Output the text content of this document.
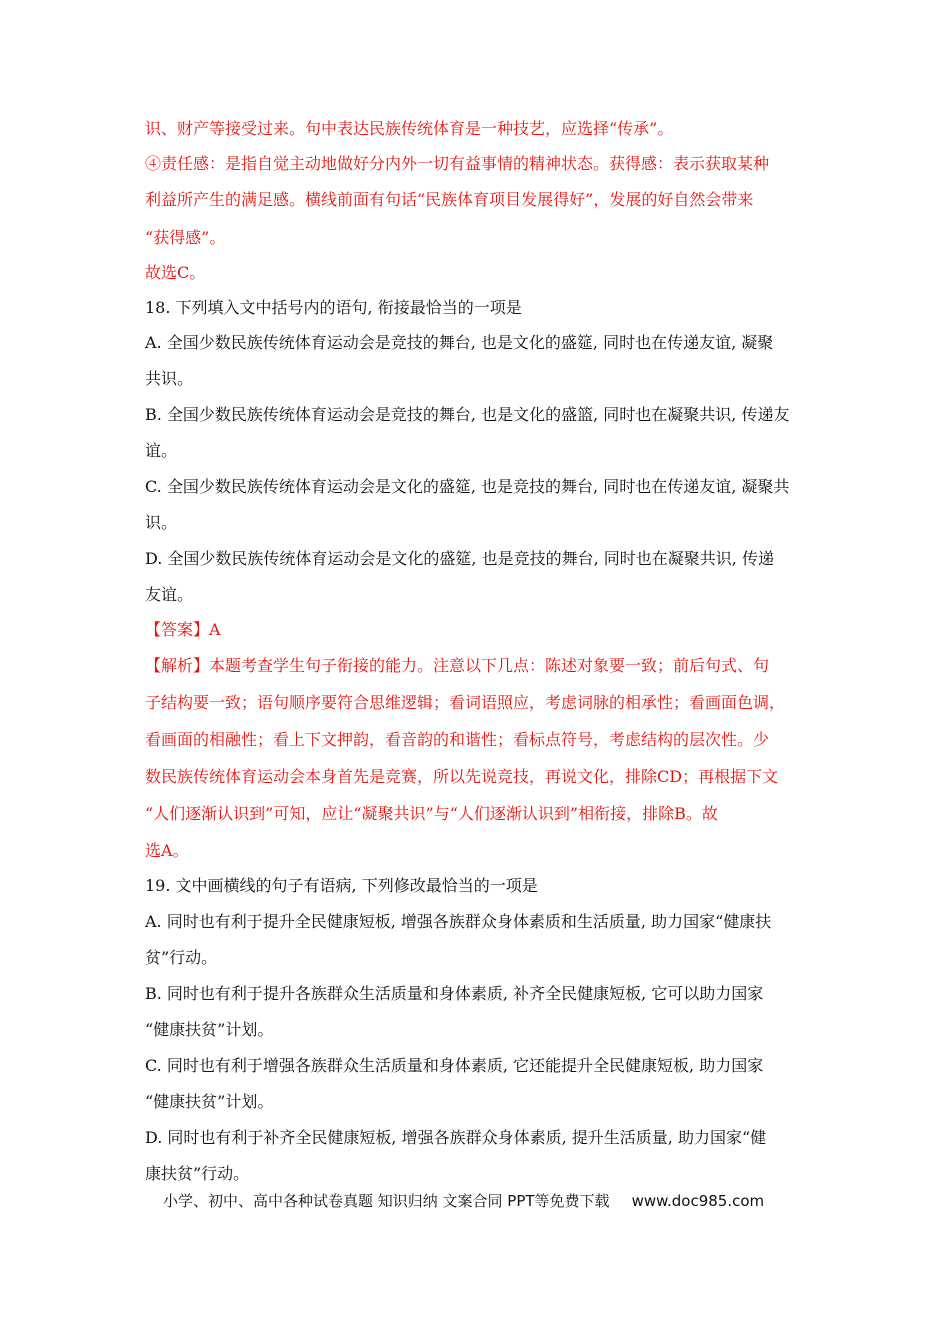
识、财产等接受过来。句中表达民族传统体育是一种技艺，应选择“传承”。
④责任感：是指自觉主动地做好分内外一切有益事情的精神状态。获得感：表示获取某种
利益所产生的满足感。横线前面有句话“民族体育项目发展得好”，发展的好自然会带来
“获得感”。
故选C。
18. 下列填入文中括号内的语句, 衔接最恰当的一项是
A. 全国少数民族传统体育运动会是竞技的舞台, 也是文化的盛筵, 同时也在传递友谊, 凝聚
共识。
B. 全国少数民族传统体育运动会是竞技的舞台, 也是文化的盛篮, 同时也在凝聚共识, 传递友
谊。
C. 全国少数民族传统体育运动会是文化的盛筵, 也是竞技的舞台, 同时也在传递友谊, 凝聚共
识。
D. 全国少数民族传统体育运动会是文化的盛筵, 也是竞技的舞台, 同时也在凝聚共识, 传递
友谊。
【答案】A
【解析】本题考查学生句子衔接的能力。注意以下几点：陈述对象要一致；前后句式、句
子结构要一致；语句顺序要符合思维逻辑；看词语照应，考虑词脉的相承性；看画面色调，
看画面的相融性；看上下文押韵，看音韵的和谐性；看标点符号，考虑结构的层次性。少
数民族传统体育运动会本身首先是竞赛，所以先说竞技，再说文化，排除CD；再根据下文
“人们逐渐认识到”可知，应让“凝聚共识”与“人们逐渐认识到”相衔接，排除B。故
选A。
19. 文中画横线的句子有语病, 下列修改最恰当的一项是
A. 同时也有利于提升全民健康短板, 增强各族群众身体素质和生活质量, 助力国家“健康扶
贫”行动。
B. 同时也有利于提升各族群众生活质量和身体素质, 补齐全民健康短板, 它可以助力国家
“健康扶贫”计划。
C. 同时也有利于增强各族群众生活质量和身体素质, 它还能提升全民健康短板, 助力国家
“健康扶贫”计划。
D. 同时也有利于补齐全民健康短板, 增强各族群众身体素质, 提升生活质量, 助力国家“健
康扶贫”行动。
小学、初中、高中各种试卷真题 知识归纳 文案合同 PPT等免费下载 www.doc985.com
